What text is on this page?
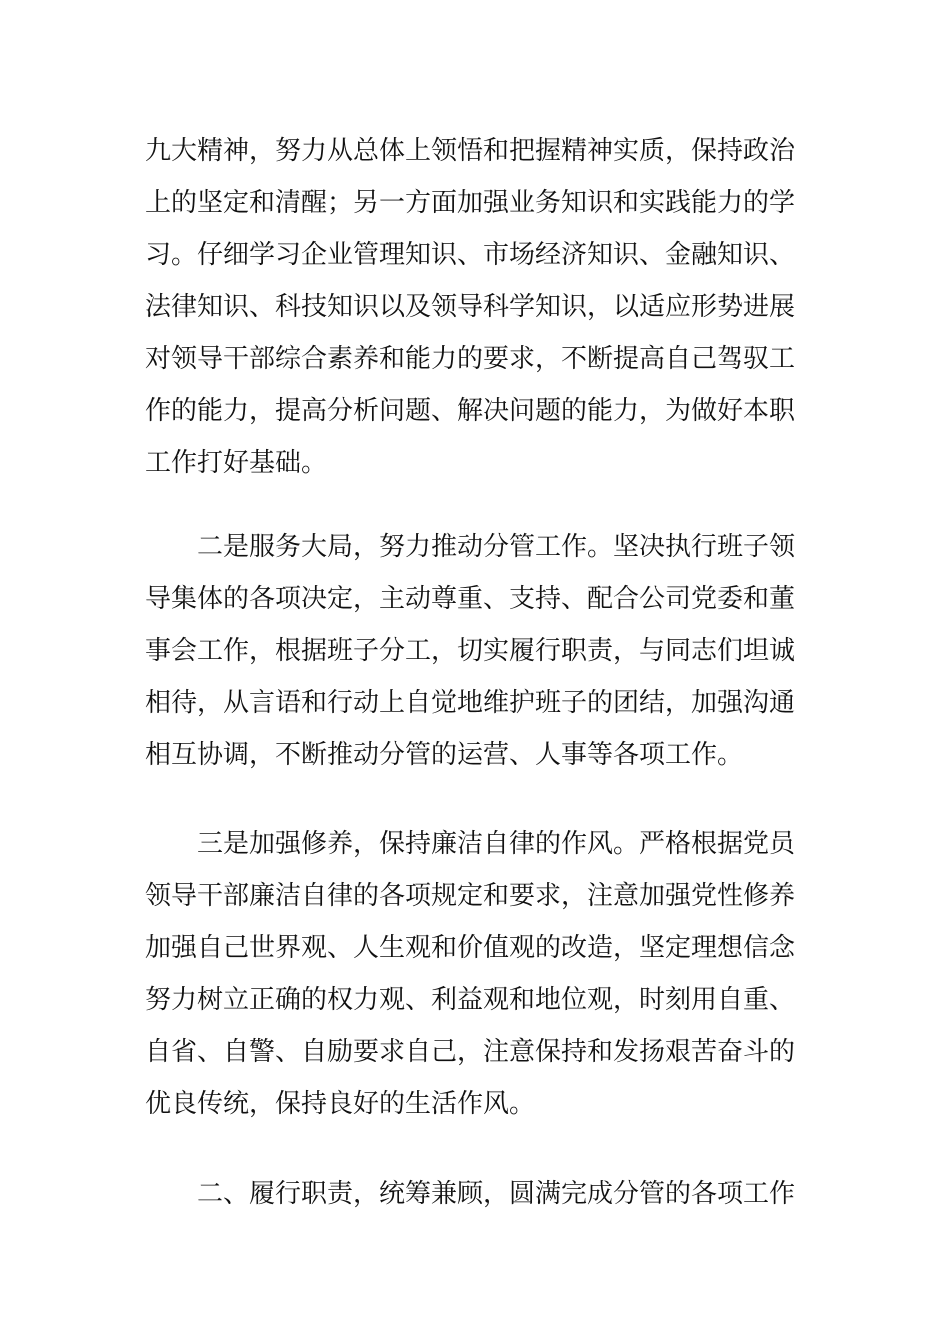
九大精神，努力从总体上领悟和把握精神实质，保持政治
上的坚定和清醒；另一方面加强业务知识和实践能力的学
习。仔细学习企业管理知识、市场经济知识、金融知识、
法律知识、科技知识以及领导科学知识，以适应形势进展
对领导干部综合素养和能力的要求，不断提高自己驾驭工
作的能力，提高分析问题、解决问题的能力，为做好本职
工作打好基础。
二是服务大局，努力推动分管工作。坚决执行班子领
导集体的各项决定，主动尊重、支持、配合公司党委和董
事会工作，根据班子分工，切实履行职责，与同志们坦诚
相待，从言语和行动上自觉地维护班子的团结，加强沟通
相互协调，不断推动分管的运营、人事等各项工作。
三是加强修养，保持廉洁自律的作风。严格根据党员
领导干部廉洁自律的各项规定和要求，注意加强党性修养
加强自己世界观、人生观和价值观的改造，坚定理想信念
努力树立正确的权力观、利益观和地位观，时刻用自重、
自省、自警、自励要求自己，注意保持和发扬艰苦奋斗的
优良传统，保持良好的生活作风。
二、履行职责，统筹兼顾，圆满完成分管的各项工作
